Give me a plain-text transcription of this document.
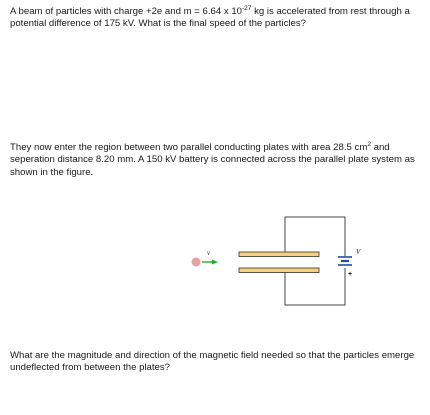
A beam of particles with charge +2e and m = 6.64 x $10^{-27}$ kg is accelerated from rest through a potential difference of 175 kV. What is the final speed of the particles?
They now enter the region between two parallel conducting plates with area 28.5 $cm^2$ and seperation distance 8.20 mm. A 150 kV battery is connected across the parallel plate system as shown in the figure.
v	V
+
What are the magnitude and direction of the magnetic field needed so that the particles emerge undeflected from between the plates?
